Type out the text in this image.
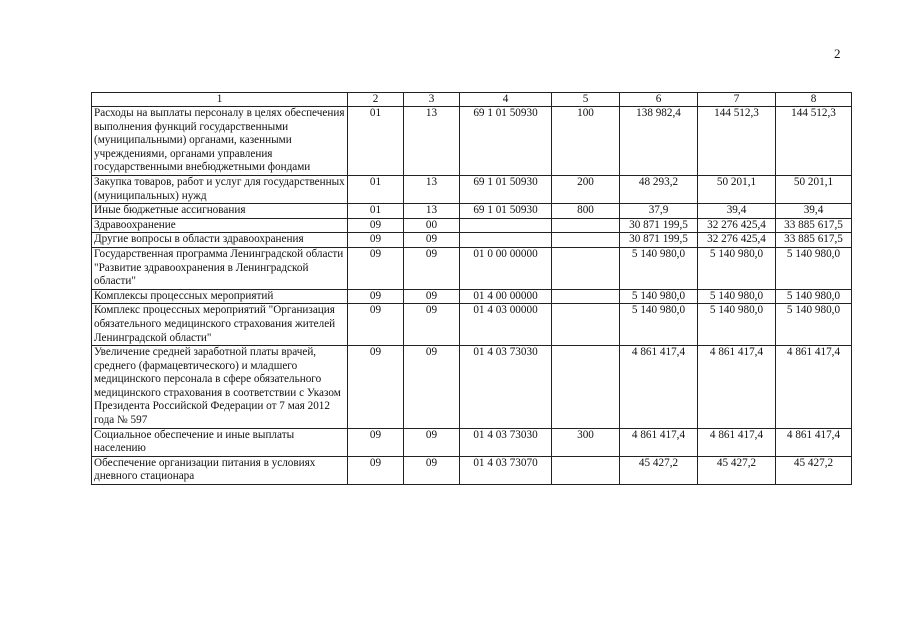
2
1	2	3	4	5	6	7	8
Расходы на выплаты персоналу в целях обеспечения выполнения функций государственными (муниципальными) органами, казенными учреждениями, органами управления государственными внебюджетными фондами	01	13	69 1 01 50930	100	138 982,4	144 512,3	144 512,3
Закупка товаров, работ и услуг для государственных (муниципальных) нужд	01	13	69 1 01 50930	200	48 293,2	50 201,1	50 201,1
Иные бюджетные ассигнования	01	13	69 1 01 50930	800	37,9	39,4	39,4
Здравоохранение	09	00			30 871 199,5	32 276 425,4	33 885 617,5
Другие вопросы в области здравоохранения	09	09			30 871 199,5	32 276 425,4	33 885 617,5
Государственная программа Ленинградской области "Развитие здравоохранения в Ленинградской области"	09	09	01 0 00 00000		5 140 980,0	5 140 980,0	5 140 980,0
Комплексы процессных мероприятий	09	09	01 4 00 00000		5 140 980,0	5 140 980,0	5 140 980,0
Комплекс процессных мероприятий "Организация обязательного медицинского страхования жителей Ленинградской области"	09	09	01 4 03 00000		5 140 980,0	5 140 980,0	5 140 980,0
Увеличение средней заработной платы врачей, среднего (фармацевтического) и младшего медицинского персонала в сфере обязательного медицинского страхования в соответствии с Указом Президента Российской Федерации от 7 мая 2012 года № 597	09	09	01 4 03 73030		4 861 417,4	4 861 417,4	4 861 417,4
Социальное обеспечение и иные выплаты населению	09	09	01 4 03 73030	300	4 861 417,4	4 861 417,4	4 861 417,4
Обеспечение организации питания в условиях дневного стационара	09	09	01 4 03 73070		45 427,2	45 427,2	45 427,2
